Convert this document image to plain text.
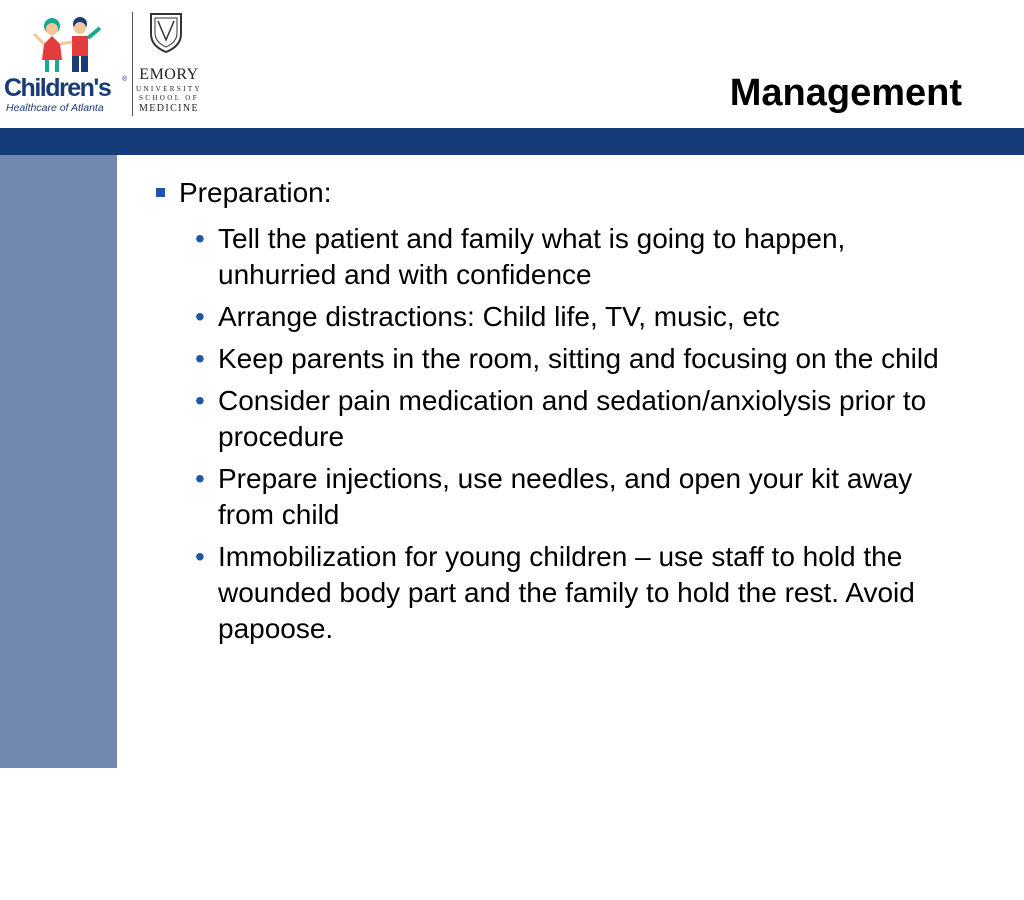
Children's ®
Healthcare of Atlanta
EMORY
UNIVERSITY
SCHOOL OF
MEDICINE	Management
14
Preparation:
• Tell the patient and family what is going to happen, unhurried and with confidence
• Arrange distractions: Child life, TV, music, etc
• Keep parents in the room, sitting and focusing on the child
• Consider pain medication and sedation/anxiolysis prior to procedure
• Prepare injections, use needles, and open your kit away from child
• Immobilization for young children – use staff to hold the wounded body part and the family to hold the rest. Avoid papoose.
